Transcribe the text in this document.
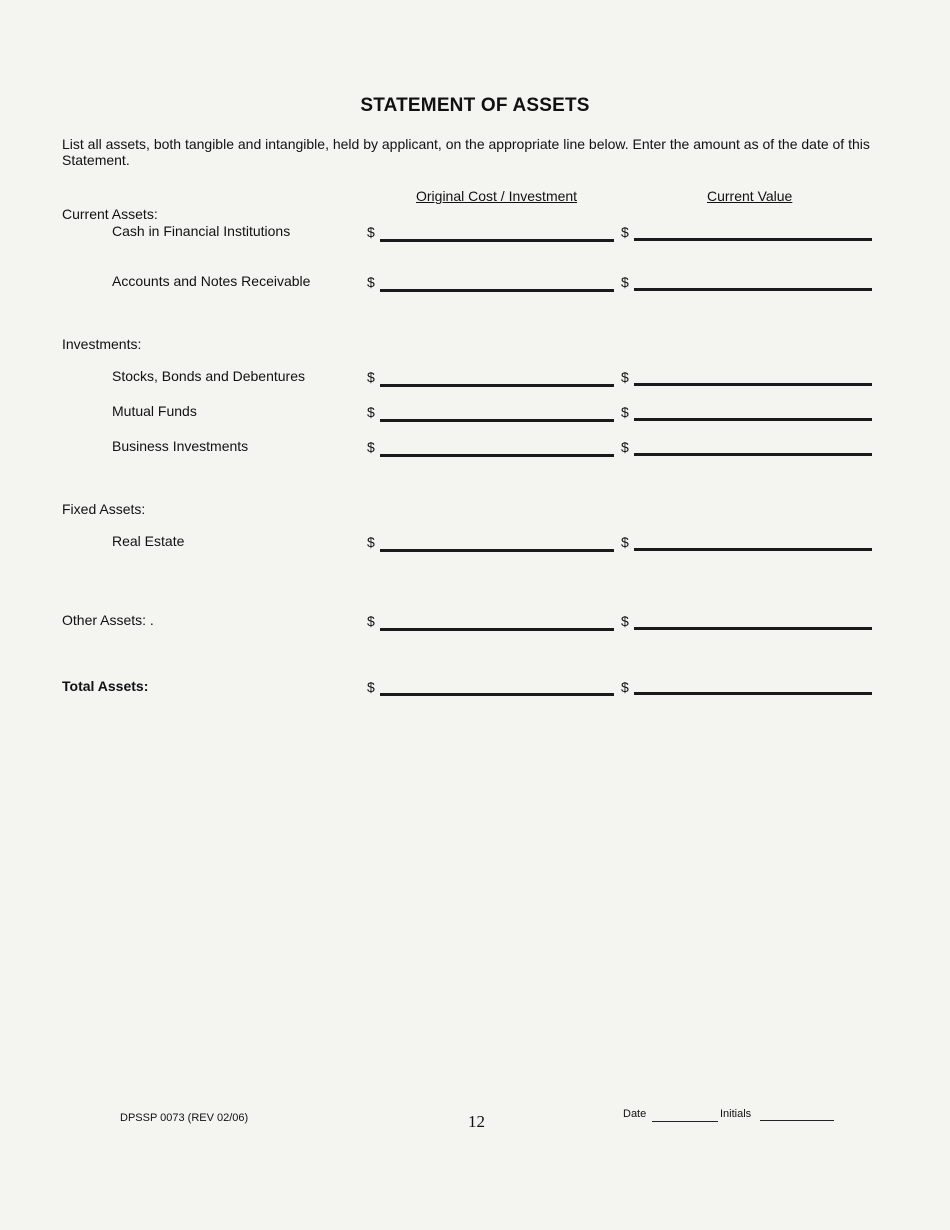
STATEMENT OF ASSETS
List all assets, both tangible and intangible, held by applicant, on the appropriate line below. Enter the amount as of the date of this Statement.
Original Cost / Investment	Current Value
Current Assets:
Cash in Financial Institutions	$	$
Accounts and Notes Receivable	$	$
Investments:
Stocks, Bonds and Debentures	$	$
Mutual Funds	$	$
Business Investments	$	$
Fixed Assets:
Real Estate	$	$
Other Assets: .	$	$
Total Assets:	$	$
DPSSP 0073 (REV 02/06)	12	Date	Initials
